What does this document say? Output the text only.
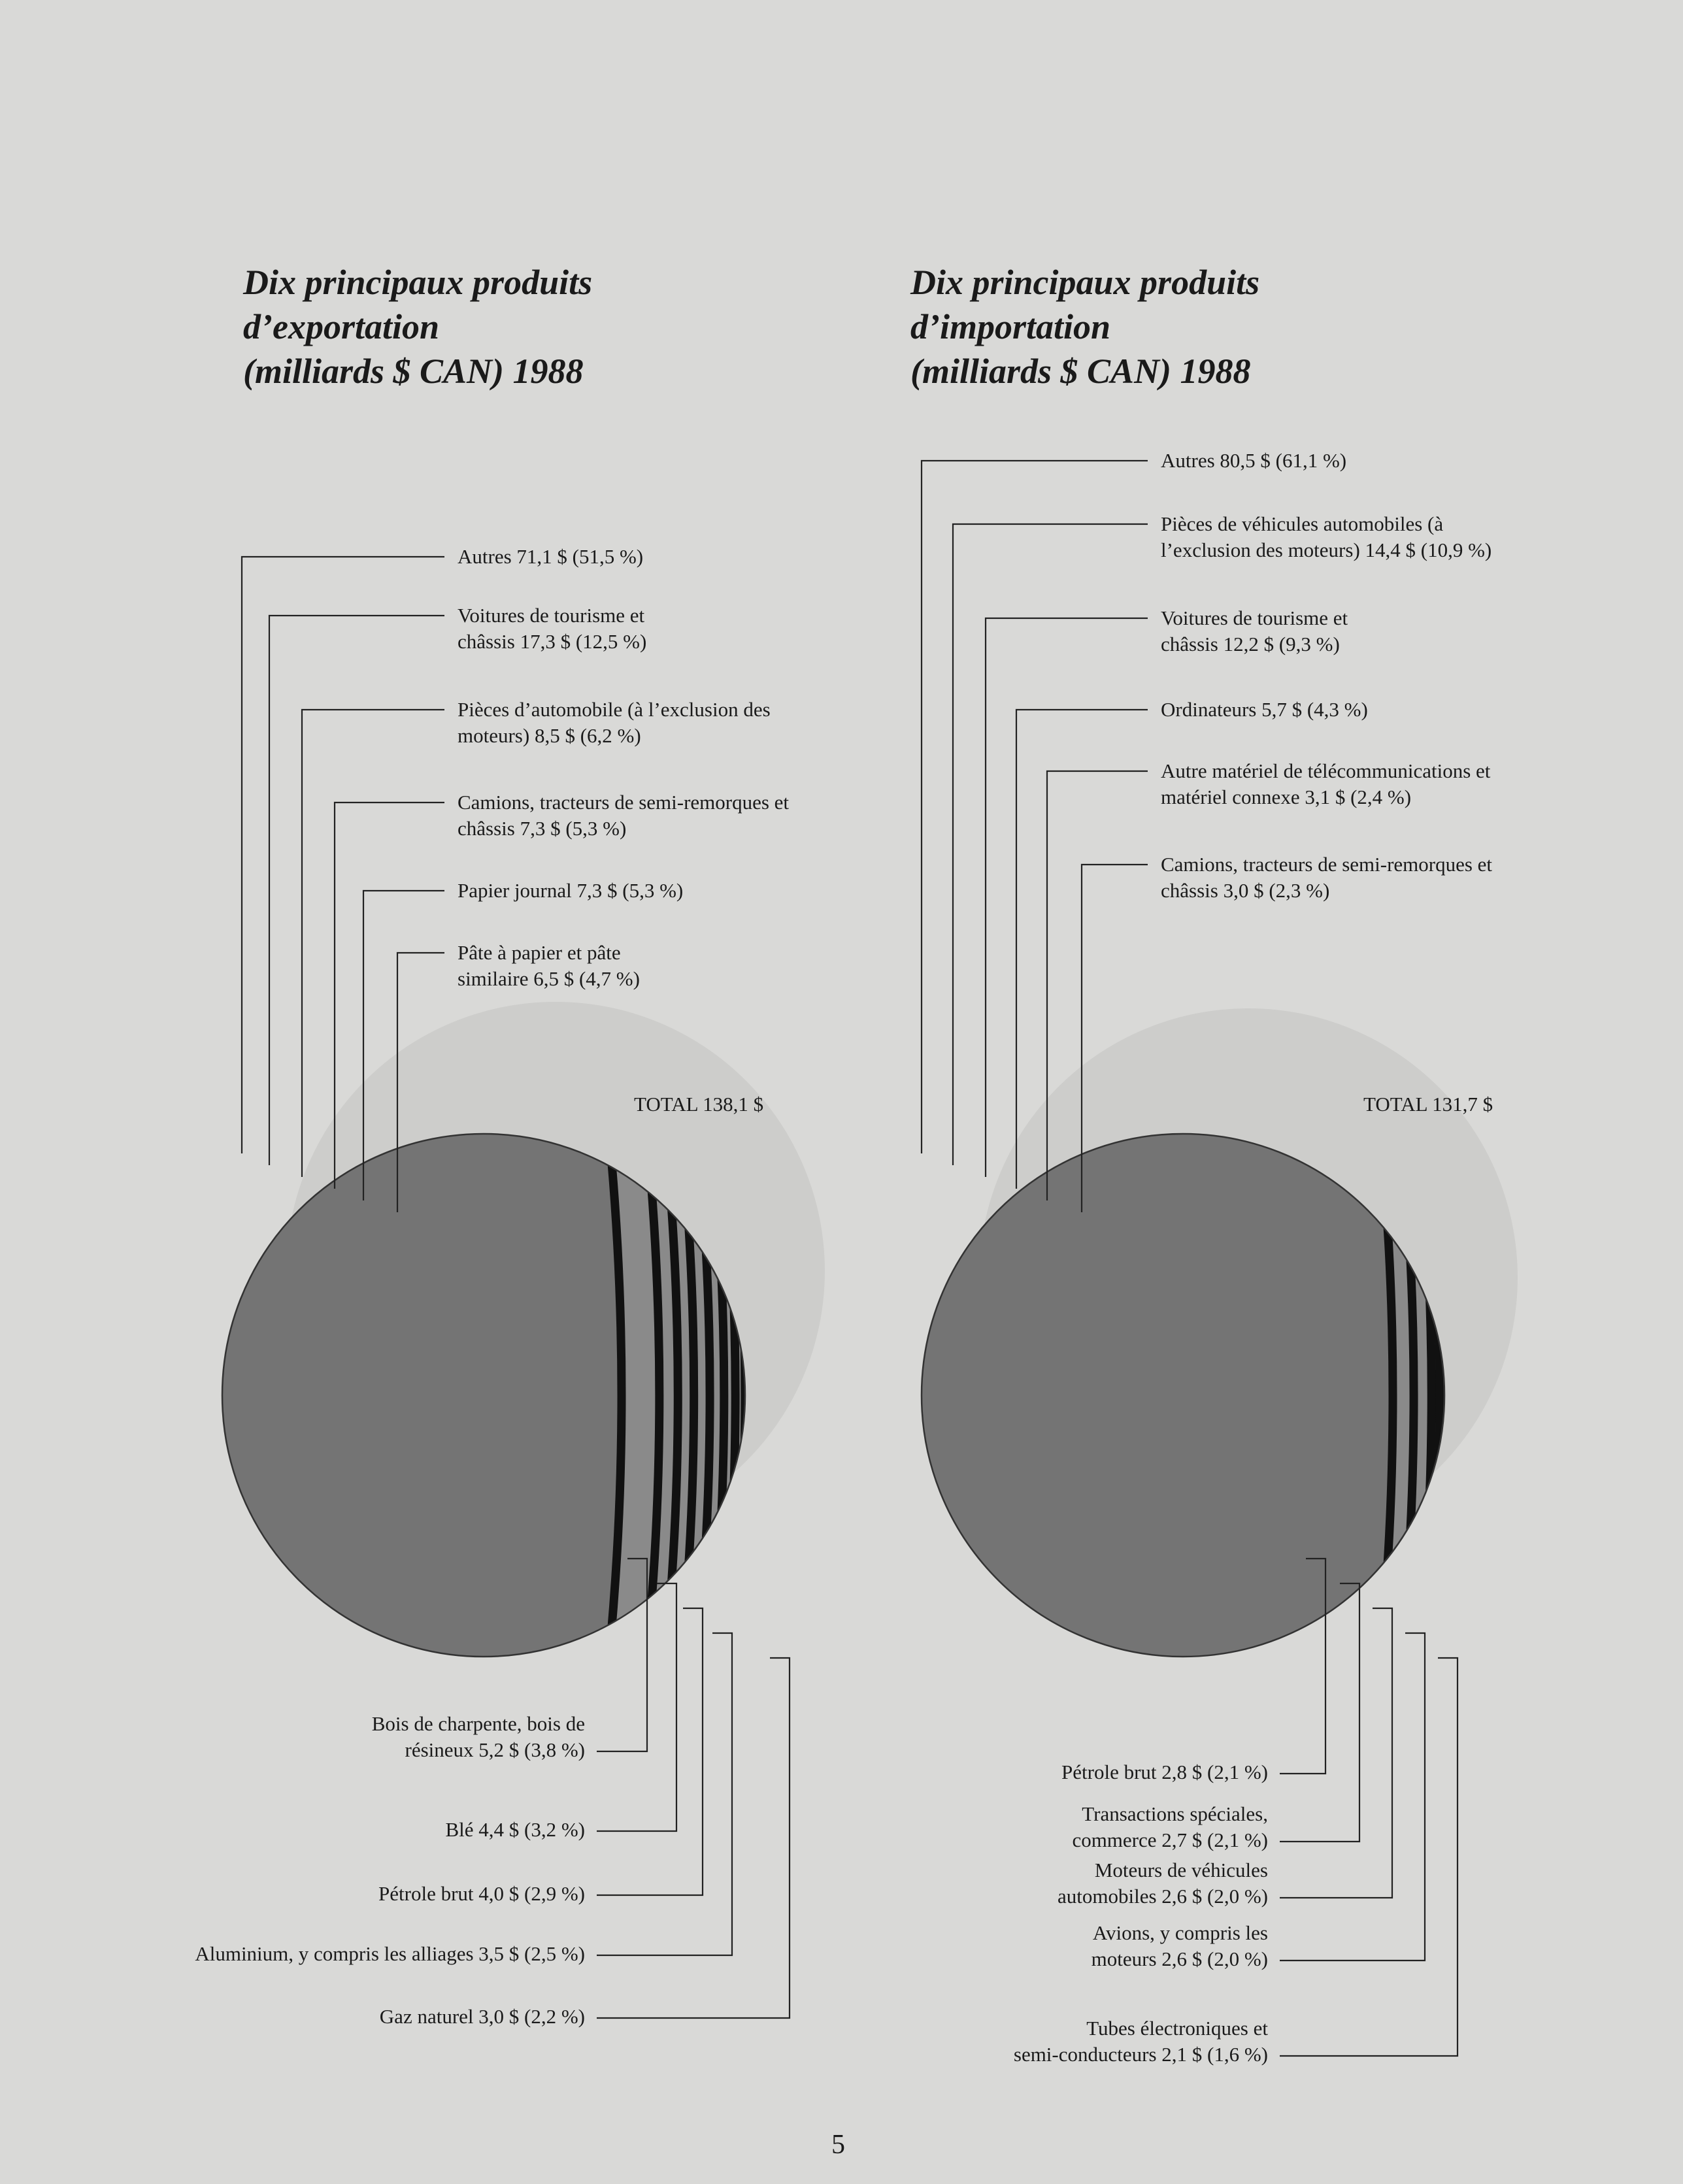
Dix principaux produits
d’exportation
(milliards $ CAN) 1988
Dix principaux produits
d’importation
(milliards $ CAN) 1988
TOTAL 138,1 $	TOTAL 131,7 $
Autres 71,1 $ (51,5 %)
Voitures de tourisme et
châssis 17,3 $ (12,5 %)
Pièces d’automobile (à l’exclusion des
moteurs) 8,5 $ (6,2 %)
Camions, tracteurs de semi-remorques et
châssis 7,3 $ (5,3 %)
Papier journal 7,3 $ (5,3 %)
Pâte à papier et pâte
similaire 6,5 $ (4,7 %)
Bois de charpente, bois de
résineux 5,2 $ (3,8 %)
Blé 4,4 $ (3,2 %)
Pétrole brut 4,0 $ (2,9 %)
Aluminium, y compris les alliages 3,5 $ (2,5 %)
Gaz naturel 3,0 $ (2,2 %)
Autres 80,5 $ (61,1 %)
Pièces de véhicules automobiles (à
l’exclusion des moteurs) 14,4 $ (10,9 %)
Voitures de tourisme et
châssis 12,2 $ (9,3 %)
Ordinateurs 5,7 $ (4,3 %)
Autre matériel de télécommunications et
matériel connexe 3,1 $ (2,4 %)
Camions, tracteurs de semi-remorques et
châssis 3,0 $ (2,3 %)
Pétrole brut 2,8 $ (2,1 %)
Transactions spéciales,
commerce 2,7 $ (2,1 %)
Moteurs de véhicules
automobiles 2,6 $ (2,0 %)
Avions, y compris les
moteurs 2,6 $ (2,0 %)
Tubes électroniques et
semi-conducteurs 2,1 $ (1,6 %)
5
